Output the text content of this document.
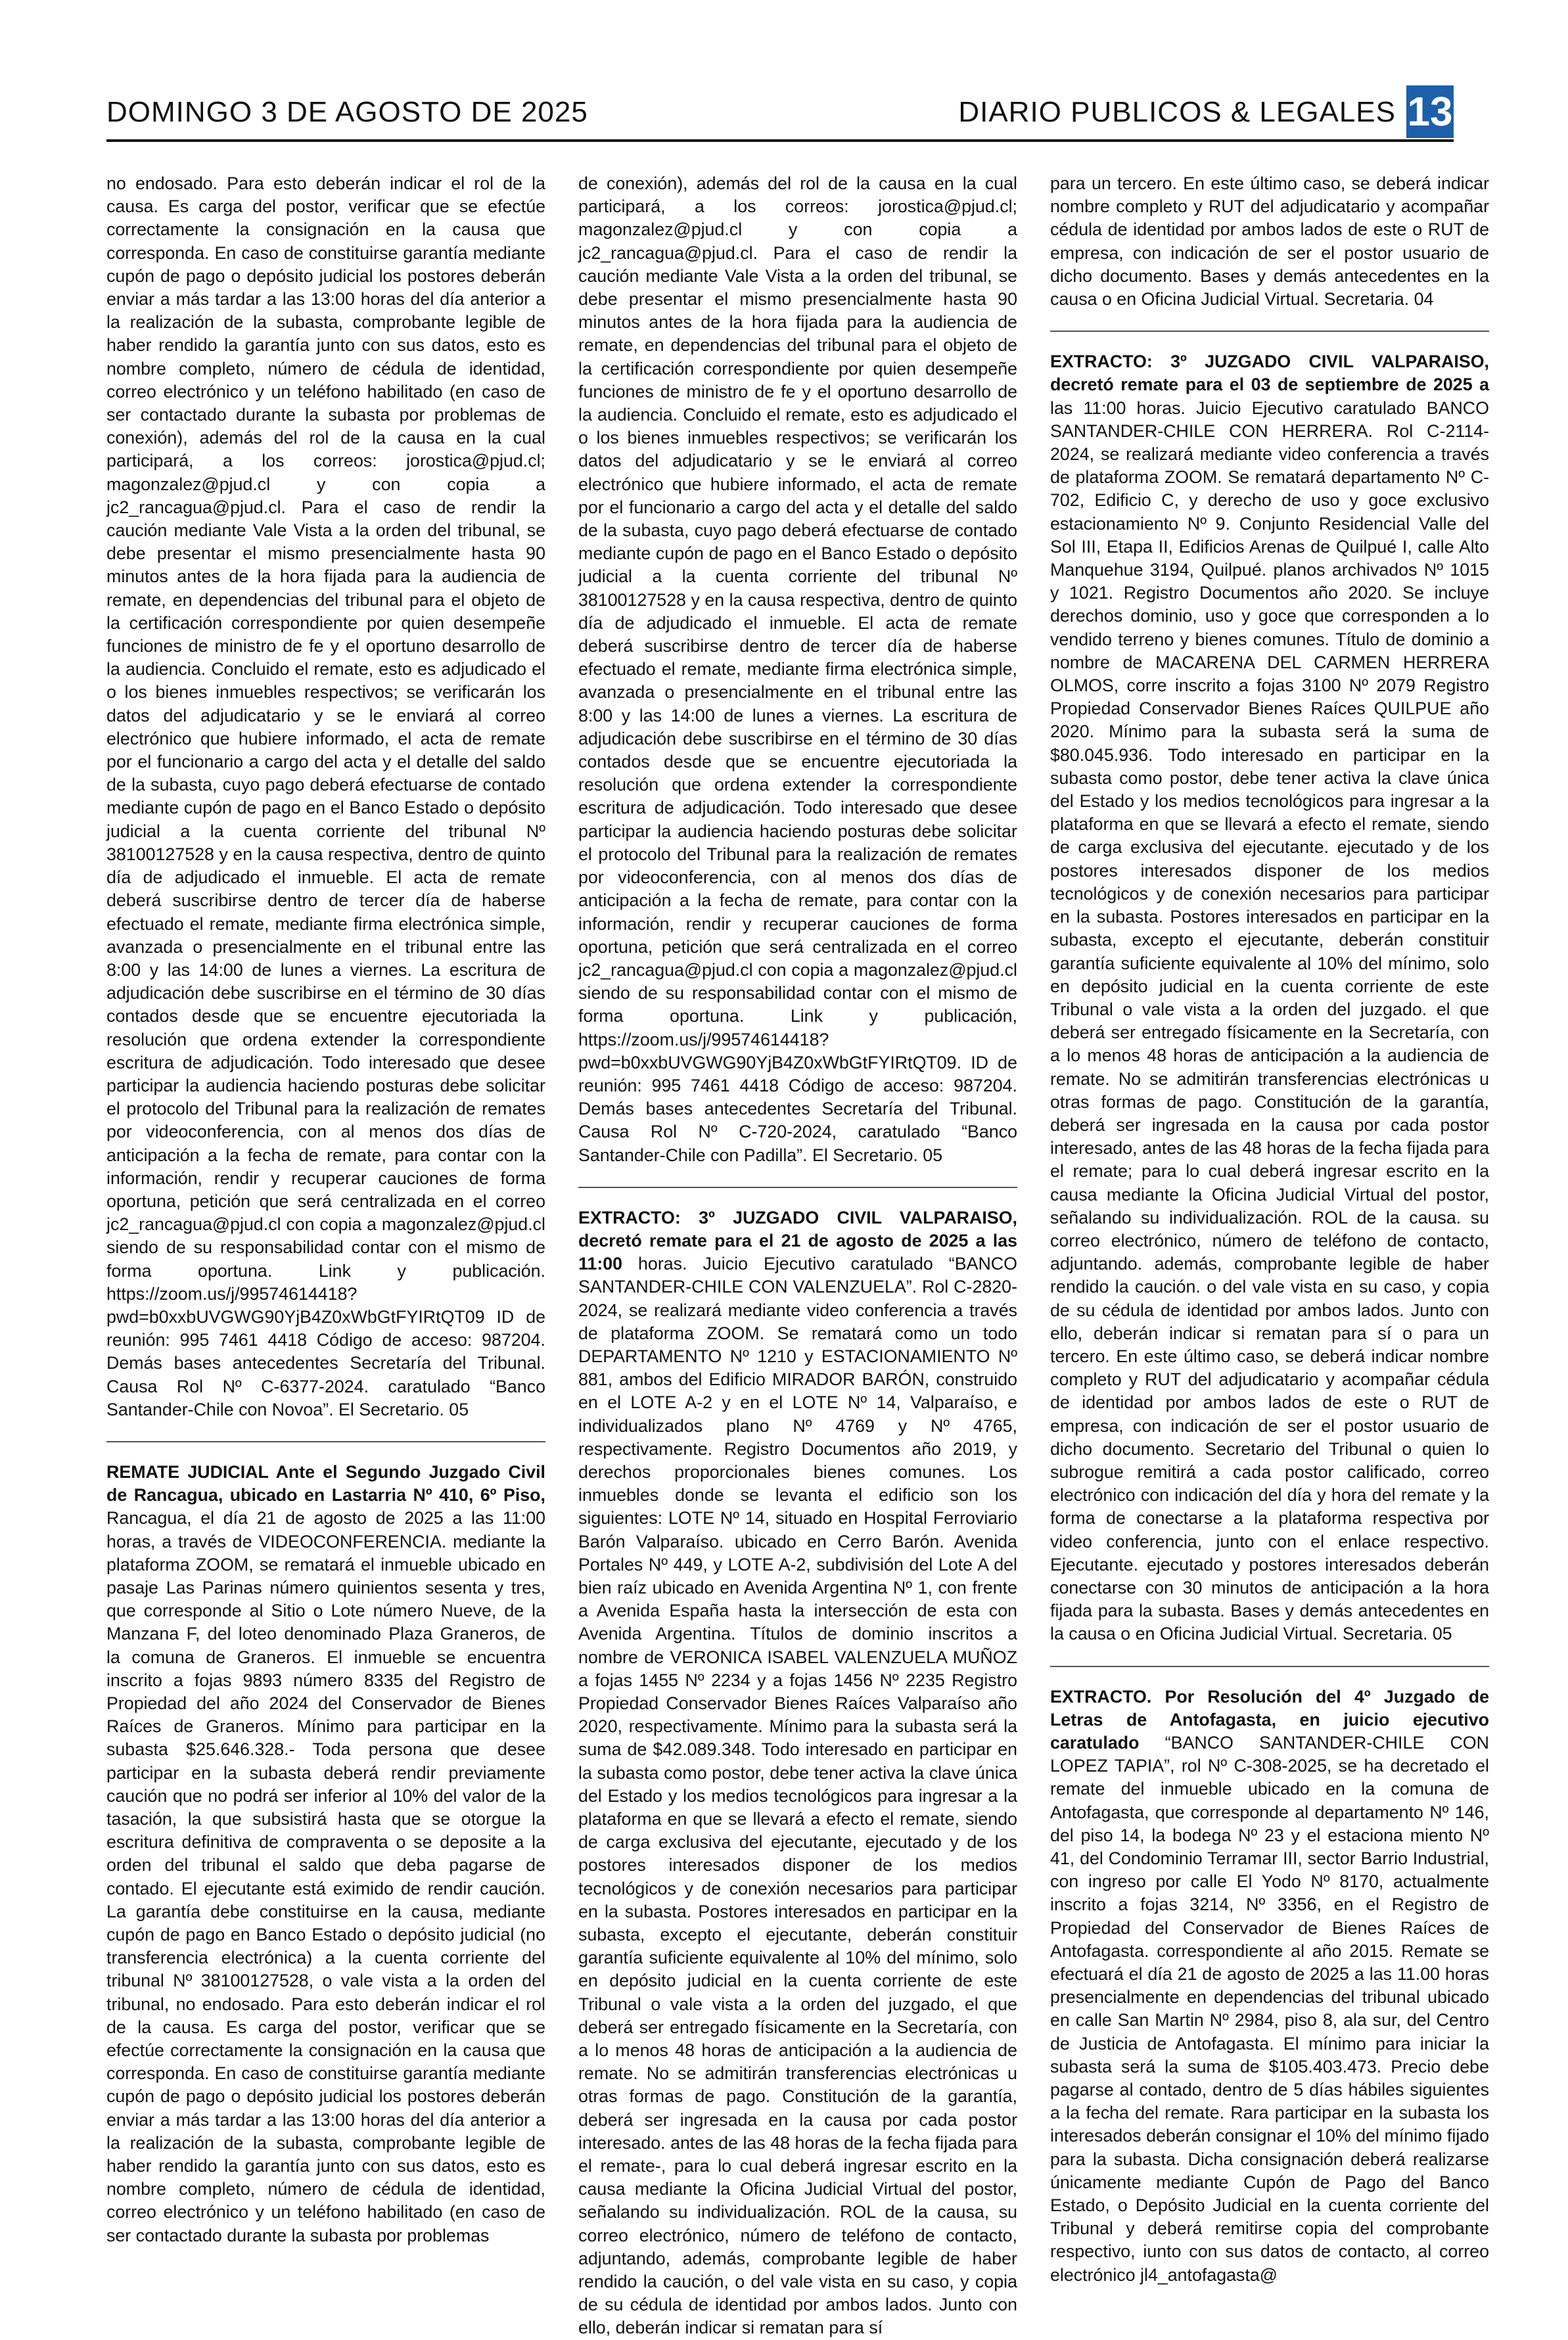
DOMINGO 3 DE AGOSTO DE 2025	DIARIO PUBLICOS & LEGALES 13

no endosado. Para esto deberán indicar el rol de la causa. Es carga del postor, verificar que se efectúe correctamente la consignación en la causa que corresponda. En caso de constituirse garantía mediante cupón de pago o depósito judicial los postores deberán enviar a más tardar a las 13:00 horas del día anterior a la realización de la subasta, comprobante legible de haber rendido la garantía junto con sus datos, esto es nombre completo, número de cédula de identidad, correo electrónico y un teléfono habilitado (en caso de ser contactado durante la subasta por problemas de conexión), además del rol de la causa en la cual participará, a los correos: jorostica@pjud.cl; magonzalez@pjud.cl y con copia a jc2_rancagua@pjud.cl. Para el caso de rendir la caución mediante Vale Vista a la orden del tribunal, se debe presentar el mismo presencialmente hasta 90 minutos antes de la hora fijada para la audiencia de remate, en dependencias del tribunal para el objeto de la certificación correspondiente por quien desempeñe funciones de ministro de fe y el oportuno desarrollo de la audiencia. Concluido el remate, esto es adjudicado el o los bienes inmuebles respectivos; se verificarán los datos del adjudicatario y se le enviará al correo electrónico que hubiere informado, el acta de remate por el funcionario a cargo del acta y el detalle del saldo de la subasta, cuyo pago deberá efectuarse de contado mediante cupón de pago en el Banco Estado o depósito judicial a la cuenta corriente del tribunal Nº 38100127528 y en la causa respectiva, dentro de quinto día de adjudicado el inmueble. El acta de remate deberá suscribirse dentro de tercer día de haberse efectuado el remate, mediante firma electrónica simple, avanzada o presencialmente en el tribunal entre las 8:00 y las 14:00 de lunes a viernes. La escritura de adjudicación debe suscribirse en el término de 30 días contados desde que se encuentre ejecutoriada la resolución que ordena extender la correspondiente escritura de adjudicación. Todo interesado que desee participar la audiencia haciendo posturas debe solicitar el protocolo del Tribunal para la realización de remates por videoconferencia, con al menos dos días de anticipación a la fecha de remate, para contar con la información, rendir y recuperar cauciones de forma oportuna, petición que será centralizada en el correo jc2_rancagua@pjud.cl con copia a magonzalez@pjud.cl siendo de su responsabilidad contar con el mismo de forma oportuna. Link y publicación. https://zoom.us/j/99574614418?pwd=b0xxbUVGWG90YjB4Z0xWbGtFYIRtQT09 ID de reunión: 995 7461 4418 Código de acceso: 987204. Demás bases antecedentes Secretaría del Tribunal. Causa Rol Nº C-6377-2024. caratulado “Banco Santander-Chile con Novoa”. El Secretario. 05

REMATE JUDICIAL Ante el Segundo Juzgado Civil de Rancagua, ubicado en Lastarria Nº 410, 6º Piso, Rancagua, el día 21 de agosto de 2025 a las 11:00 horas, a través de VIDEOCONFERENCIA. mediante la plataforma ZOOM, se rematará el inmueble ubicado en pasaje Las Parinas número quinientos sesenta y tres, que corresponde al Sitio o Lote número Nueve, de la Manzana F, del loteo denominado Plaza Graneros, de la comuna de Graneros. El inmueble se encuentra inscrito a fojas 9893 número 8335 del Registro de Propiedad del año 2024 del Conservador de Bienes Raíces de Graneros. Mínimo para participar en la subasta $25.646.328.- Toda persona que desee participar en la subasta deberá rendir previamente caución que no podrá ser inferior al 10% del valor de la tasación, la que subsistirá hasta que se otorgue la escritura definitiva de compraventa o se deposite a la orden del tribunal el saldo que deba pagarse de contado. El ejecutante está eximido de rendir caución. La garantía debe constituirse en la causa, mediante cupón de pago en Banco Estado o depósito judicial (no transferencia electrónica) a la cuenta corriente del tribunal Nº 38100127528, o vale vista a la orden del tribunal, no endosado. Para esto deberán indicar el rol de la causa. Es carga del postor, verificar que se efectúe correctamente la consignación en la causa que corresponda. En caso de constituirse garantía mediante cupón de pago o depósito judicial los postores deberán enviar a más tardar a las 13:00 horas del día anterior a la realización de la subasta, comprobante legible de haber rendido la garantía junto con sus datos, esto es nombre completo, número de cédula de identidad, correo electrónico y un teléfono habilitado (en caso de ser contactado durante la subasta por problemas

de conexión), además del rol de la causa en la cual participará, a los correos: jorostica@pjud.cl; magonzalez@pjud.cl y con copia a jc2_rancagua@pjud.cl. Para el caso de rendir la caución mediante Vale Vista a la orden del tribunal, se debe presentar el mismo presencialmente hasta 90 minutos antes de la hora fijada para la audiencia de remate, en dependencias del tribunal para el objeto de la certificación correspondiente por quien desempeñe funciones de ministro de fe y el oportuno desarrollo de la audiencia. Concluido el remate, esto es adjudicado el o los bienes inmuebles respectivos; se verificarán los datos del adjudicatario y se le enviará al correo electrónico que hubiere informado, el acta de remate por el funcionario a cargo del acta y el detalle del saldo de la subasta, cuyo pago deberá efectuarse de contado mediante cupón de pago en el Banco Estado o depósito judicial a la cuenta corriente del tribunal Nº 38100127528 y en la causa respectiva, dentro de quinto día de adjudicado el inmueble. El acta de remate deberá suscribirse dentro de tercer día de haberse efectuado el remate, mediante firma electrónica simple, avanzada o presencialmente en el tribunal entre las 8:00 y las 14:00 de lunes a viernes. La escritura de adjudicación debe suscribirse en el término de 30 días contados desde que se encuentre ejecutoriada la resolución que ordena extender la correspondiente escritura de adjudicación. Todo interesado que desee participar la audiencia haciendo posturas debe solicitar el protocolo del Tribunal para la realización de remates por videoconferencia, con al menos dos días de anticipación a la fecha de remate, para contar con la información, rendir y recuperar cauciones de forma oportuna, petición que será centralizada en el correo jc2_rancagua@pjud.cl con copia a magonzalez@pjud.cl siendo de su responsabilidad contar con el mismo de forma oportuna. Link y publicación, https://zoom.us/j/99574614418?pwd=b0xxbUVGWG90YjB4Z0xWbGtFYIRtQT09. ID de reunión: 995 7461 4418 Código de acceso: 987204. Demás bases antecedentes Secretaría del Tribunal. Causa Rol Nº C-720-2024, caratulado “Banco Santander-Chile con Padilla”. El Secretario. 05

EXTRACTO: 3º JUZGADO CIVIL VALPARAISO, decretó remate para el 21 de agosto de 2025 a las 11:00 horas. Juicio Ejecutivo caratulado “BANCO SANTANDER-CHILE CON VALENZUELA”. Rol C-2820-2024, se realizará mediante video conferencia a través de plataforma ZOOM. Se rematará como un todo DEPARTAMENTO Nº 1210 y ESTACIONAMIENTO Nº 881, ambos del Edificio MIRADOR BARÓN, construido en el LOTE A-2 y en el LOTE Nº 14, Valparaíso, e individualizados plano Nº 4769 y Nº 4765, respectivamente. Registro Documentos año 2019, y derechos proporcionales bienes comunes. Los inmuebles donde se levanta el edificio son los siguientes: LOTE Nº 14, situado en Hospital Ferroviario Barón Valparaíso. ubicado en Cerro Barón. Avenida Portales Nº 449, y LOTE A-2, subdivisión del Lote A del bien raíz ubicado en Avenida Argentina Nº 1, con frente a Avenida España hasta la intersección de esta con Avenida Argentina. Títulos de dominio inscritos a nombre de VERONICA ISABEL VALENZUELA MUÑOZ a fojas 1455 Nº 2234 y a fojas 1456 Nº 2235 Registro Propiedad Conservador Bienes Raíces Valparaíso año 2020, respectivamente. Mínimo para la subasta será la suma de $42.089.348. Todo interesado en participar en la subasta como postor, debe tener activa la clave única del Estado y los medios tecnológicos para ingresar a la plataforma en que se llevará a efecto el remate, siendo de carga exclusiva del ejecutante, ejecutado y de los postores interesados disponer de los medios tecnológicos y de conexión necesarios para participar en la subasta. Postores interesados en participar en la subasta, excepto el ejecutante, deberán constituir garantía suficiente equivalente al 10% del mínimo, solo en depósito judicial en la cuenta corriente de este Tribunal o vale vista a la orden del juzgado, el que deberá ser entregado físicamente en la Secretaría, con a lo menos 48 horas de anticipación a la audiencia de remate. No se admitirán transferencias electrónicas u otras formas de pago. Constitución de la garantía, deberá ser ingresada en la causa por cada postor interesado. antes de las 48 horas de la fecha fijada para el remate-, para lo cual deberá ingresar escrito en la causa mediante la Oficina Judicial Virtual del postor, señalando su individualización. ROL de la causa, su correo electrónico, número de teléfono de contacto, adjuntando, además, comprobante legible de haber rendido la caución, o del vale vista en su caso, y copia de su cédula de identidad por ambos lados. Junto con ello, deberán indicar si rematan para sí

para un tercero. En este último caso, se deberá indicar nombre completo y RUT del adjudicatario y acompañar cédula de identidad por ambos lados de este o RUT de empresa, con indicación de ser el postor usuario de dicho documento. Bases y demás antecedentes en la causa o en Oficina Judicial Virtual. Secretaria. 04

EXTRACTO: 3º JUZGADO CIVIL VALPARAISO, decretó remate para el 03 de septiembre de 2025 a las 11:00 horas. Juicio Ejecutivo caratulado BANCO SANTANDER-CHILE CON HERRERA. Rol C-2114-2024, se realizará mediante video conferencia a través de plataforma ZOOM. Se rematará departamento Nº C-702, Edificio C, y derecho de uso y goce exclusivo estacionamiento Nº 9. Conjunto Residencial Valle del Sol III, Etapa II, Edificios Arenas de Quilpué I, calle Alto Manquehue 3194, Quilpué. planos archivados Nº 1015 y 1021. Registro Documentos año 2020. Se incluye derechos dominio, uso y goce que corresponden a lo vendido terreno y bienes comunes. Título de dominio a nombre de MACARENA DEL CARMEN HERRERA OLMOS, corre inscrito a fojas 3100 Nº 2079 Registro Propiedad Conservador Bienes Raíces QUILPUE año 2020. Mínimo para la subasta será la suma de $80.045.936. Todo interesado en participar en la subasta como postor, debe tener activa la clave única del Estado y los medios tecnológicos para ingresar a la plataforma en que se llevará a efecto el remate, siendo de carga exclusiva del ejecutante. ejecutado y de los postores interesados disponer de los medios tecnológicos y de conexión necesarios para participar en la subasta. Postores interesados en participar en la subasta, excepto el ejecutante, deberán constituir garantía suficiente equivalente al 10% del mínimo, solo en depósito judicial en la cuenta corriente de este Tribunal o vale vista a la orden del juzgado. el que deberá ser entregado físicamente en la Secretaría, con a lo menos 48 horas de anticipación a la audiencia de remate. No se admitirán transferencias electrónicas u otras formas de pago. Constitución de la garantía, deberá ser ingresada en la causa por cada postor interesado, antes de las 48 horas de la fecha fijada para el remate; para lo cual deberá ingresar escrito en la causa mediante la Oficina Judicial Virtual del postor, señalando su individualización. ROL de la causa. su correo electrónico, número de teléfono de contacto, adjuntando. además, comprobante legible de haber rendido la caución. o del vale vista en su caso, y copia de su cédula de identidad por ambos lados. Junto con ello, deberán indicar si rematan para sí o para un tercero. En este último caso, se deberá indicar nombre completo y RUT del adjudicatario y acompañar cédula de identidad por ambos lados de este o RUT de empresa, con indicación de ser el postor usuario de dicho documento. Secretario del Tribunal o quien lo subrogue remitirá a cada postor calificado, correo electrónico con indicación del día y hora del remate y la forma de conectarse a la plataforma respectiva por video conferencia, junto con el enlace respectivo. Ejecutante. ejecutado y postores interesados deberán conectarse con 30 minutos de anticipación a la hora fijada para la subasta. Bases y demás antecedentes en la causa o en Oficina Judicial Virtual. Secretaria. 05

EXTRACTO. Por Resolución del 4º Juzgado de Letras de Antofagasta, en juicio ejecutivo caratulado “BANCO SANTANDER-CHILE CON LOPEZ TAPIA”, rol Nº C-308-2025, se ha decretado el remate del inmueble ubicado en la comuna de Antofagasta, que corresponde al departamento Nº 146, del piso 14, la bodega Nº 23 y el estaciona miento Nº 41, del Condominio Terramar III, sector Barrio Industrial, con ingreso por calle El Yodo Nº 8170, actualmente inscrito a fojas 3214, Nº 3356, en el Registro de Propiedad del Conservador de Bienes Raíces de Antofagasta. correspondiente al año 2015. Remate se efectuará el día 21 de agosto de 2025 a las 11.00 horas presencialmente en dependencias del tribunal ubicado en calle San Martin Nº 2984, piso 8, ala sur, del Centro de Justicia de Antofagasta. El mínimo para iniciar la subasta será la suma de $105.403.473. Precio debe pagarse al contado, dentro de 5 días hábiles siguientes a la fecha del remate. Rara participar en la subasta los interesados deberán consignar el 10% del mínimo fijado para la subasta. Dicha consignación deberá realizarse únicamente mediante Cupón de Pago del Banco Estado, o Depósito Judicial en la cuenta corriente del Tribunal y deberá remitirse copia del comprobante respectivo, iunto con sus datos de contacto, al correo electrónico jl4_antofagasta@
